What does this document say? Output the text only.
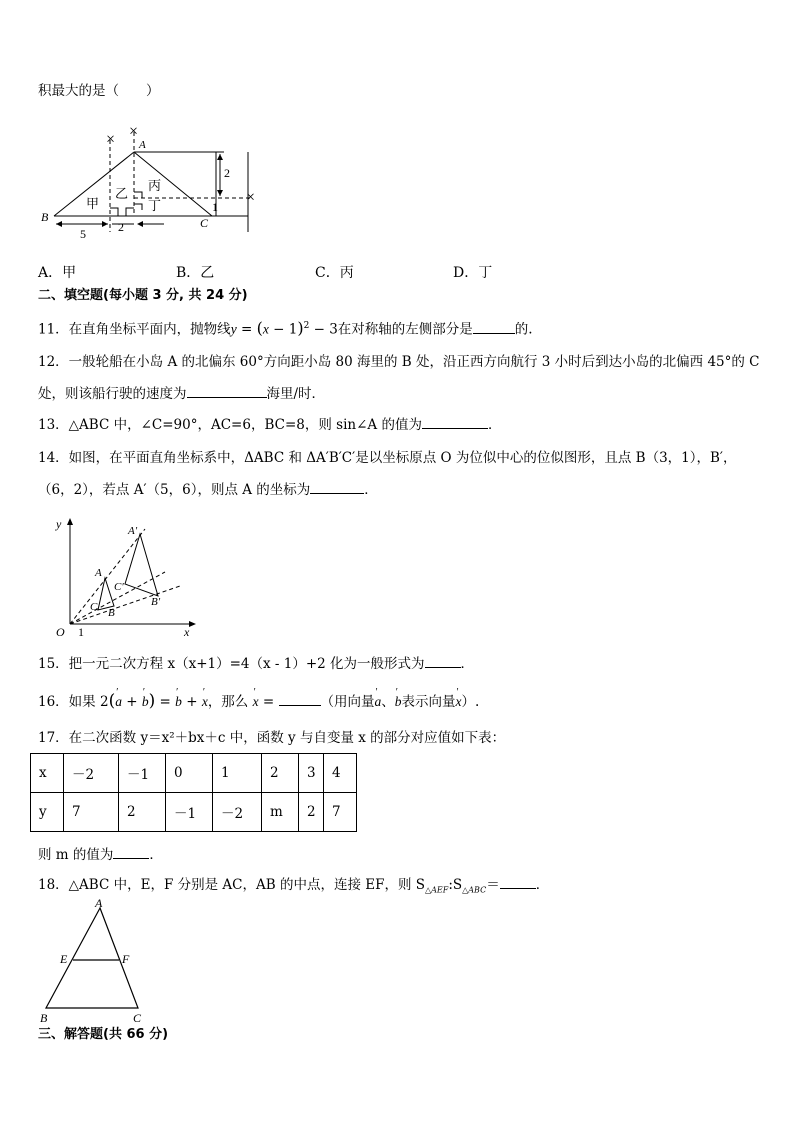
积最大的是（　　）
× ×
×
A
B	C
1
2
5	2
甲
乙
丙
丁
A．甲	B．乙	C．丙	D．丁
二、填空题(每小题 3 分, 共 24 分)
11．在直角坐标平面内，抛物线$y = (x - 1)^2 - 3$在对称轴的左侧部分是	的.
12．一般轮船在小岛 A 的北偏东 60°方向距小岛 80 海里的 B 处，沿正西方向航行 3 小时后到达小岛的北偏西 45°的 C
处，则该船行驶的速度为	海里/时．
13．△ABC 中，∠C=90°，AC=6，BC=8，则 sin∠A 的值为	．
14．如图，在平面直角坐标系中，ΔABC 和 ΔA′B′C′是以坐标原点 O 为位似中心的位似图形，且点 B（3，1），B′，
（6，2），若点 A′（5，6），则点 A 的坐标为	．
y
x
O 1
A
A′
B
B′
C
C′
15．把一元二次方程 x（x+1）=4（x - 1）+2 化为一般形式为	．
16．如果 2(′ a + ′ b) = ′ b + ′ x，那么 ′ x =	（用向量′ a、′ b表示向量′ x）.
17．在二次函数 y＝x²＋bx＋c 中，函数 y 与自变量 x 的部分对应值如下表：
x	－2	－1	0	1	2	3	4
y	7	2	－1	－2	m	2	7
则 m 的值为	．
18．△ABC 中，E，F 分别是 AC，AB 的中点，连接 EF，则 $S_{\triangle AEF}:S_{\triangle ABC}=$	．
A
B	C
E	F
三、解答题(共 66 分)
